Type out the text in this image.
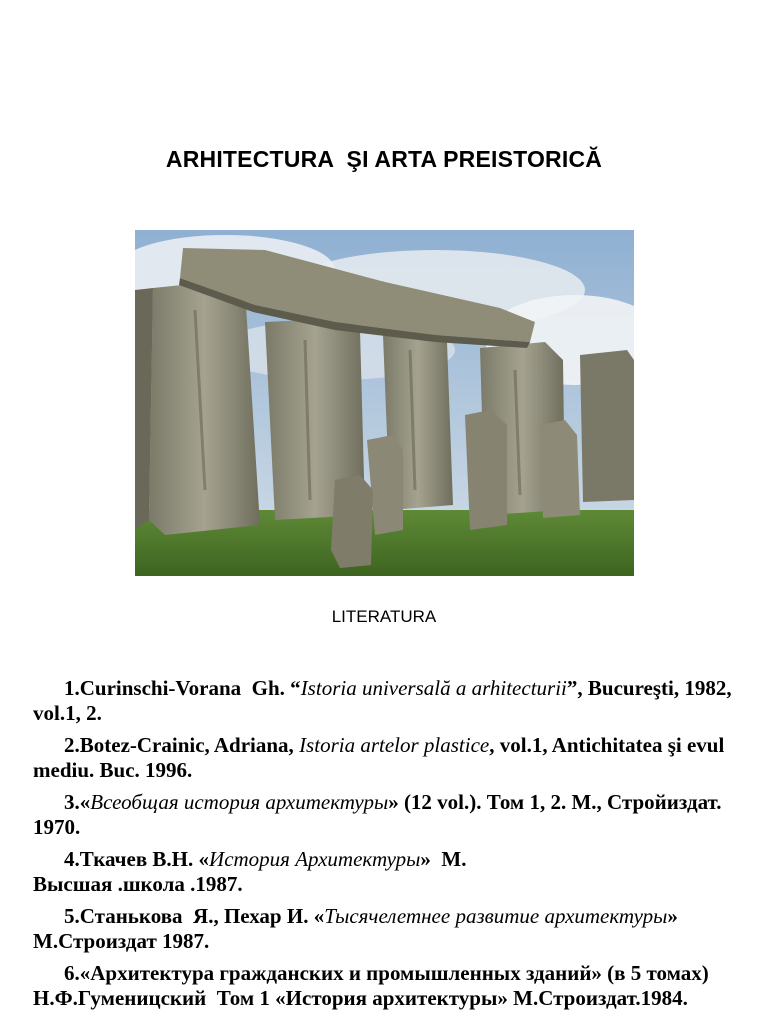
ARHITECTURA  ŞI ARTA PREISTORICĂ
LITERATURA

1.Curinschi-Vorana  Gh. “Istoria universală a arhitecturii”, Bucureşti, 1982, vol.1, 2.

2.Botez-Crainic, Adriana, Istoria artelor plastice, vol.1, Antichitatea şi evul mediu. Buc. 1996.

3.«Всеобщая история архитектуры» (12 vol.). Том 1, 2. М., Стройиздат. 1970.

4.Ткачев В.Н. «История Архитектуры»  М.
Высшая .школа .1987.

5.Станькова  Я., Пехар И. «Тысячелетнее развитие архитектуры» М.Строиздат 1987.

6.«Архитектура гражданских и промышленных зданий» (в 5 томах) Н.Ф.Гуменицский  Том 1 «История архитектуры» М.Строиздат.1984.
